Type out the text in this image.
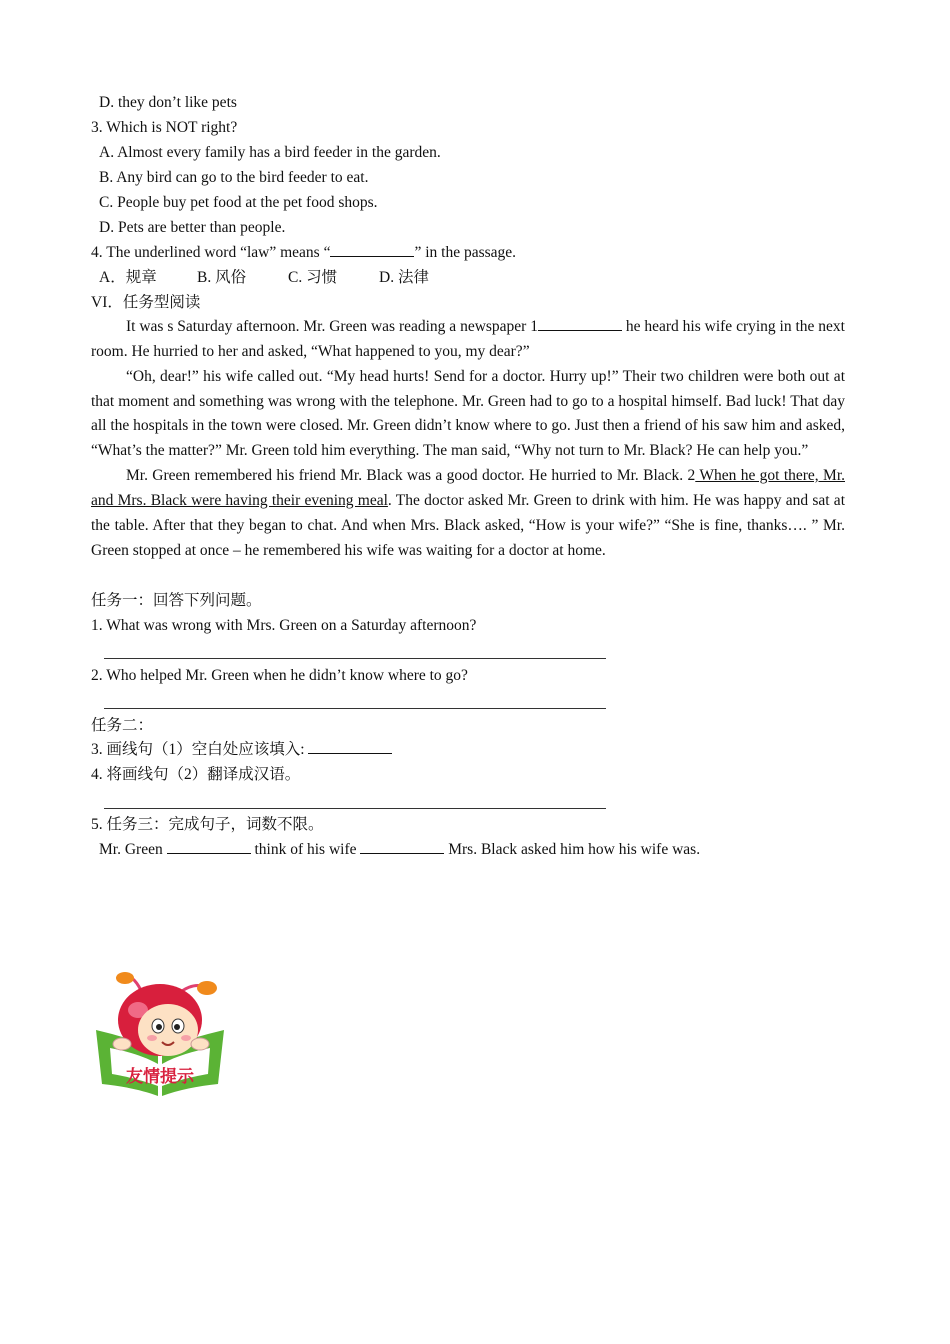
D. they don’t like pets
3. Which is NOT right?
A. Almost every family has a bird feeder in the garden.
B. Any bird can go to the bird feeder to eat.
C. People buy pet food at the pet food shops.
D. Pets are better than people.
4. The underlined word “law” means “	” in the passage.
A．规章	B. 风俗	C. 习惯	D. 法律
VI．任务型阅读

It was s Saturday afternoon. Mr. Green was reading a newspaper 1	he heard his wife crying in the next room. He hurried to her and asked, “What happened to you, my dear?”

“Oh, dear!” his wife called out. “My head hurts! Send for a doctor. Hurry up!” Their two children were both out at that moment and something was wrong with the telephone. Mr. Green had to go to a hospital himself. Bad luck! That day all the hospitals in the town were closed. Mr. Green didn’t know where to go. Just then a friend of his saw him and asked, “What’s the matter?” Mr. Green told him everything. The man said, “Why not turn to Mr. Black? He can help you.”

Mr. Green remembered his friend Mr. Black was a good doctor. He hurried to Mr. Black. 2 When he got there, Mr. and Mrs. Black were having their evening meal. The doctor asked Mr. Green to drink with him. He was happy and sat at the table. After that they began to chat. And when Mrs. Black asked, “How is your wife?” “She is fine, thanks…. ” Mr. Green stopped at once – he remembered his wife was waiting for a doctor at home.

任务一：回答下列问题。
1. What was wrong with Mrs. Green on a Saturday afternoon?
2. Who helped Mr. Green when he didn’t know where to go?
任务二：
3. 画线句（1）空白处应该填入:
4. 将画线句（2）翻译成汉语。
5. 任务三：完成句子，词数不限。
Mr. Green	think of his wife	Mrs. Black asked him how his wife was.
友情提示
